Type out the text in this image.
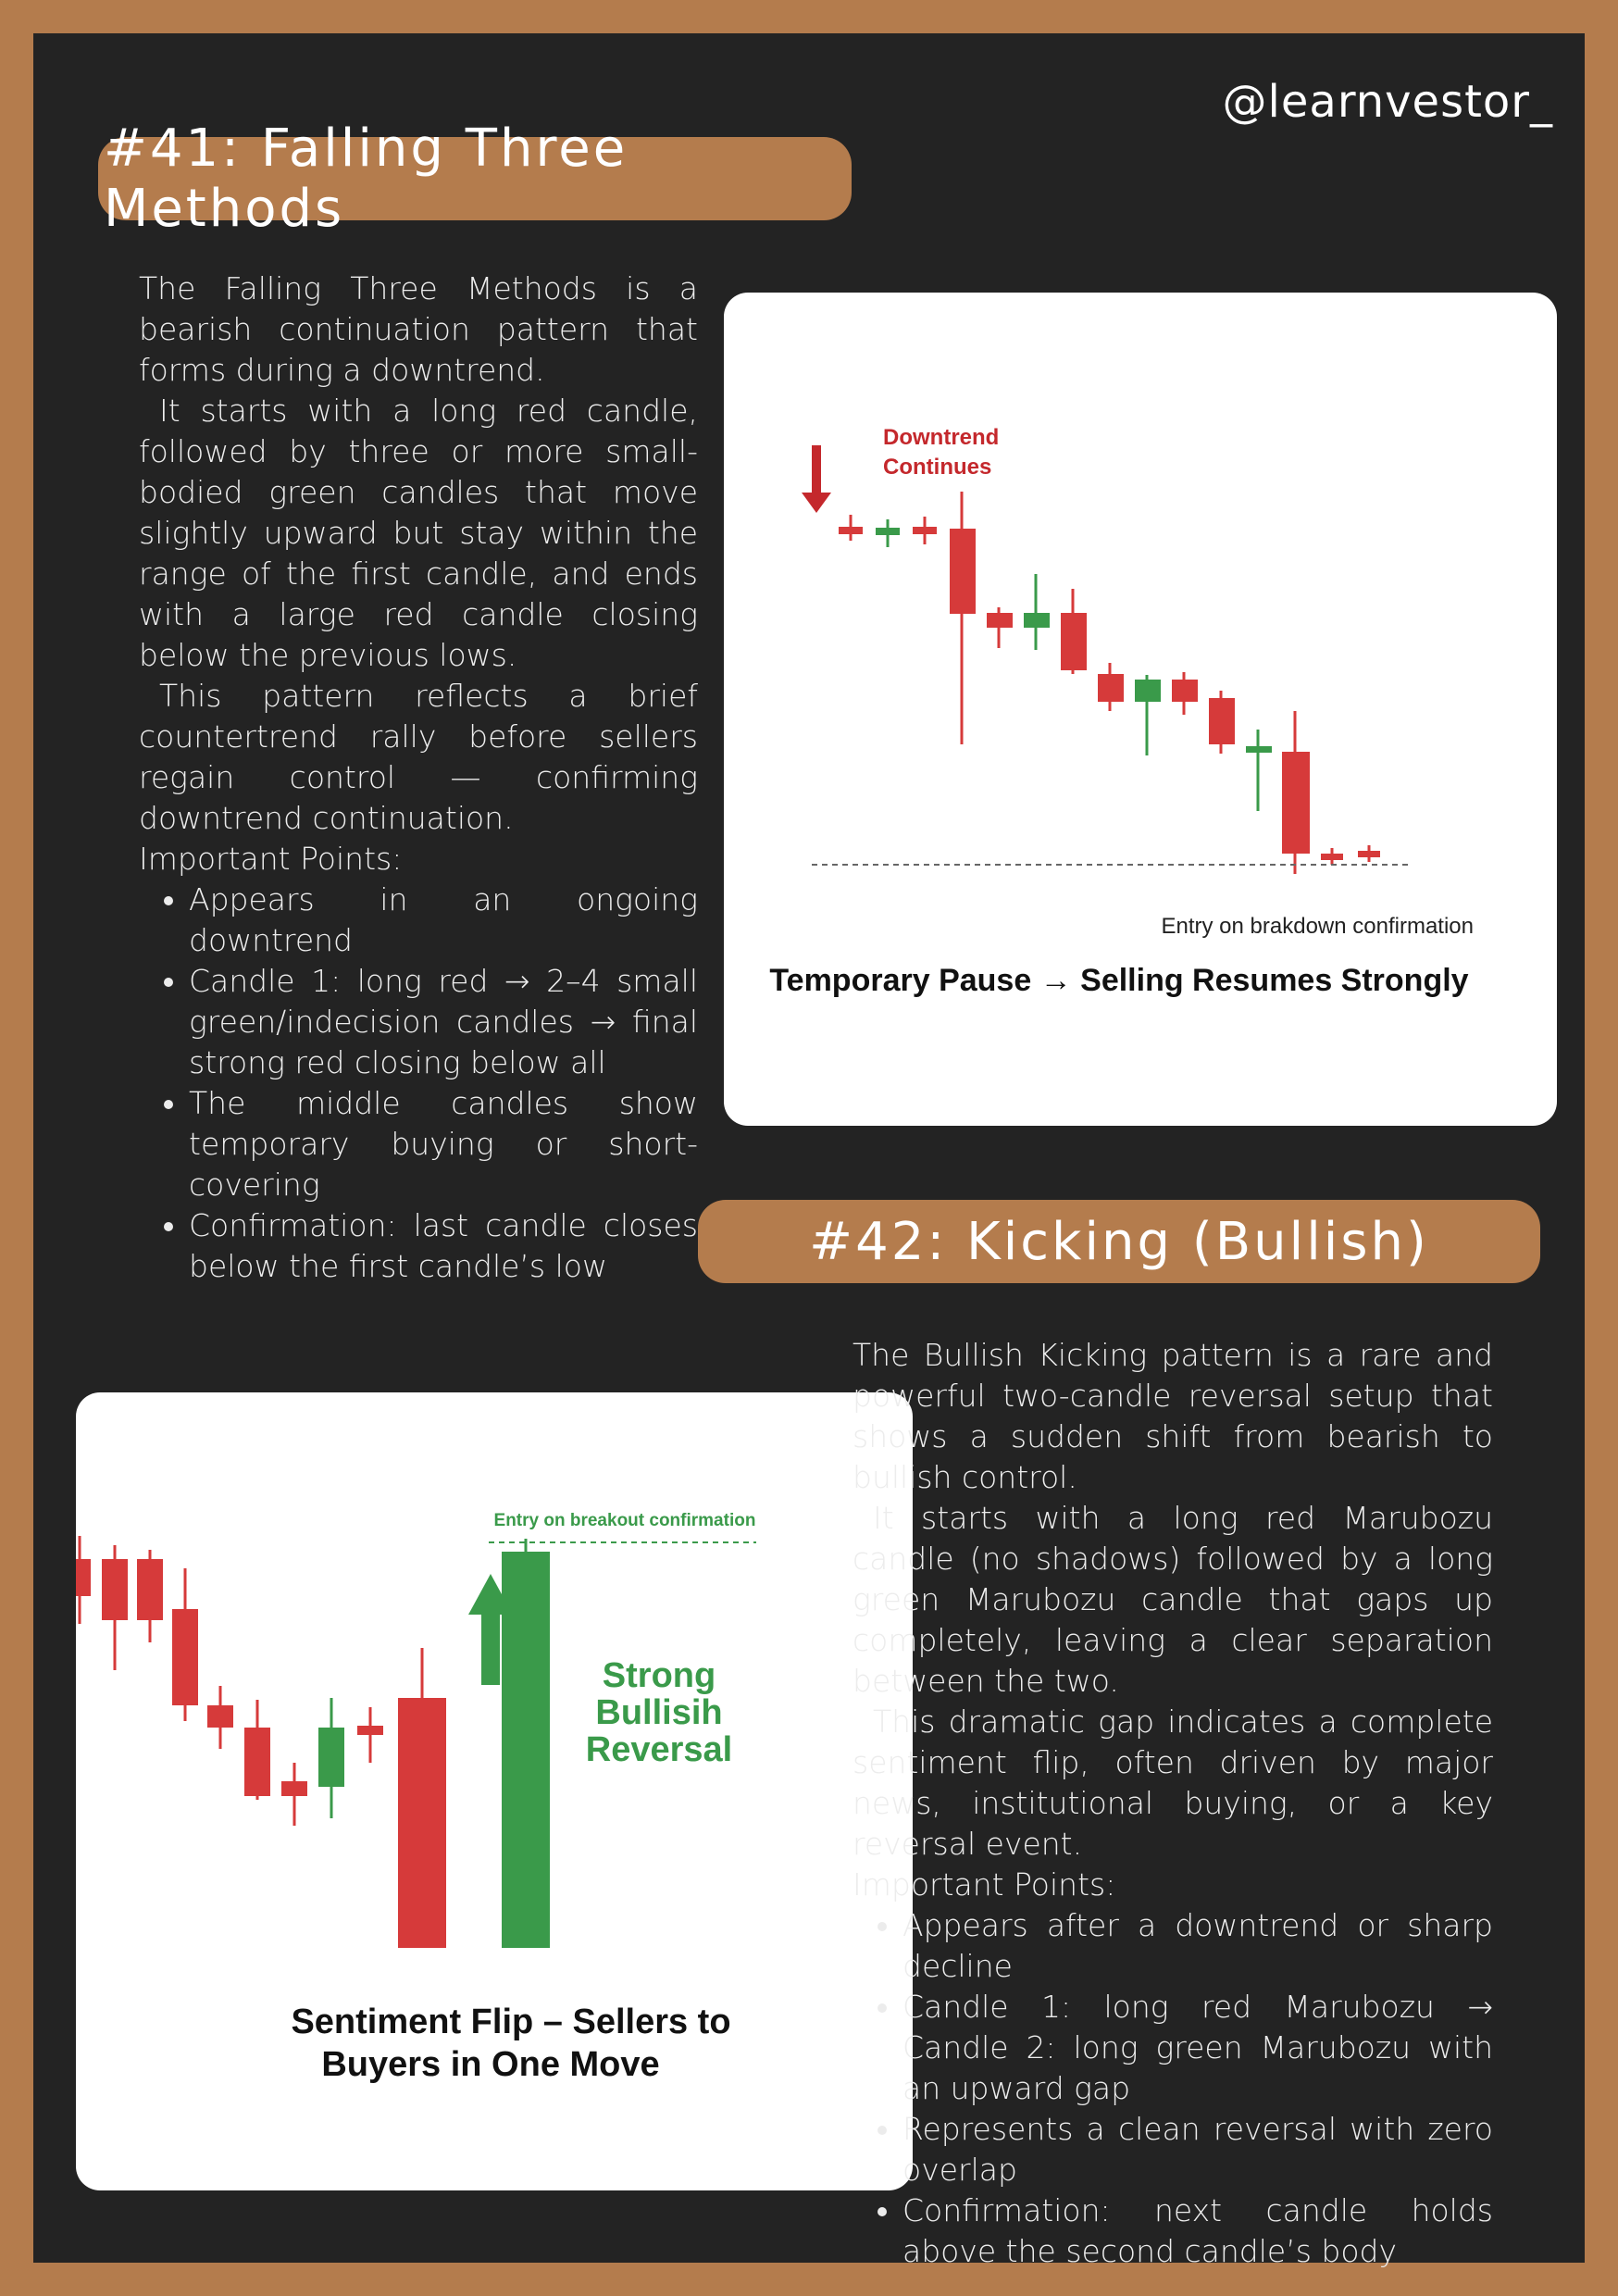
@learnvestor_
#41: Falling Three Methods

The Falling Three Methods is a bearish continuation pattern that forms during a downtrend.

It starts with a long red candle, followed by three or more small-bodied green candles that move slightly upward but stay within the range of the first candle, and ends with a large red candle closing below the previous lows.

This pattern reflects a brief countertrend rally before sellers regain control — confirming downtrend continuation.

Important Points:

• Appears in an ongoing downtrend
• Candle 1: long red → 2–4 small green/indecision candles → final strong red closing below all
• The middle candles show temporary buying or short-covering
• Confirmation: last candle closes below the first candle’s low
Downtrend
Continues
Entry on brakdown confirmation
Temporary Pause → Selling Resumes Strongly
#42: Kicking (Bullish)
Entry on breakout confirmation
Strong
Bullisih
Reversal
Sentiment Flip – Sellers to
Buyers in One Move

The Bullish Kicking pattern is a rare and powerful two-candle reversal setup that shows a sudden shift from bearish to bullish control.

It starts with a long red Marubozu candle (no shadows) followed by a long green Marubozu candle that gaps up completely, leaving a clear separation between the two.

This dramatic gap indicates a complete sentiment flip, often driven by major news, institutional buying, or a key reversal event.

Important Points:

• Appears after a downtrend or sharp decline
• Candle 1: long red Marubozu → Candle 2: long green Marubozu with an upward gap
• Represents a clean reversal with zero overlap
• Confirmation: next candle holds above the second candle’s body
